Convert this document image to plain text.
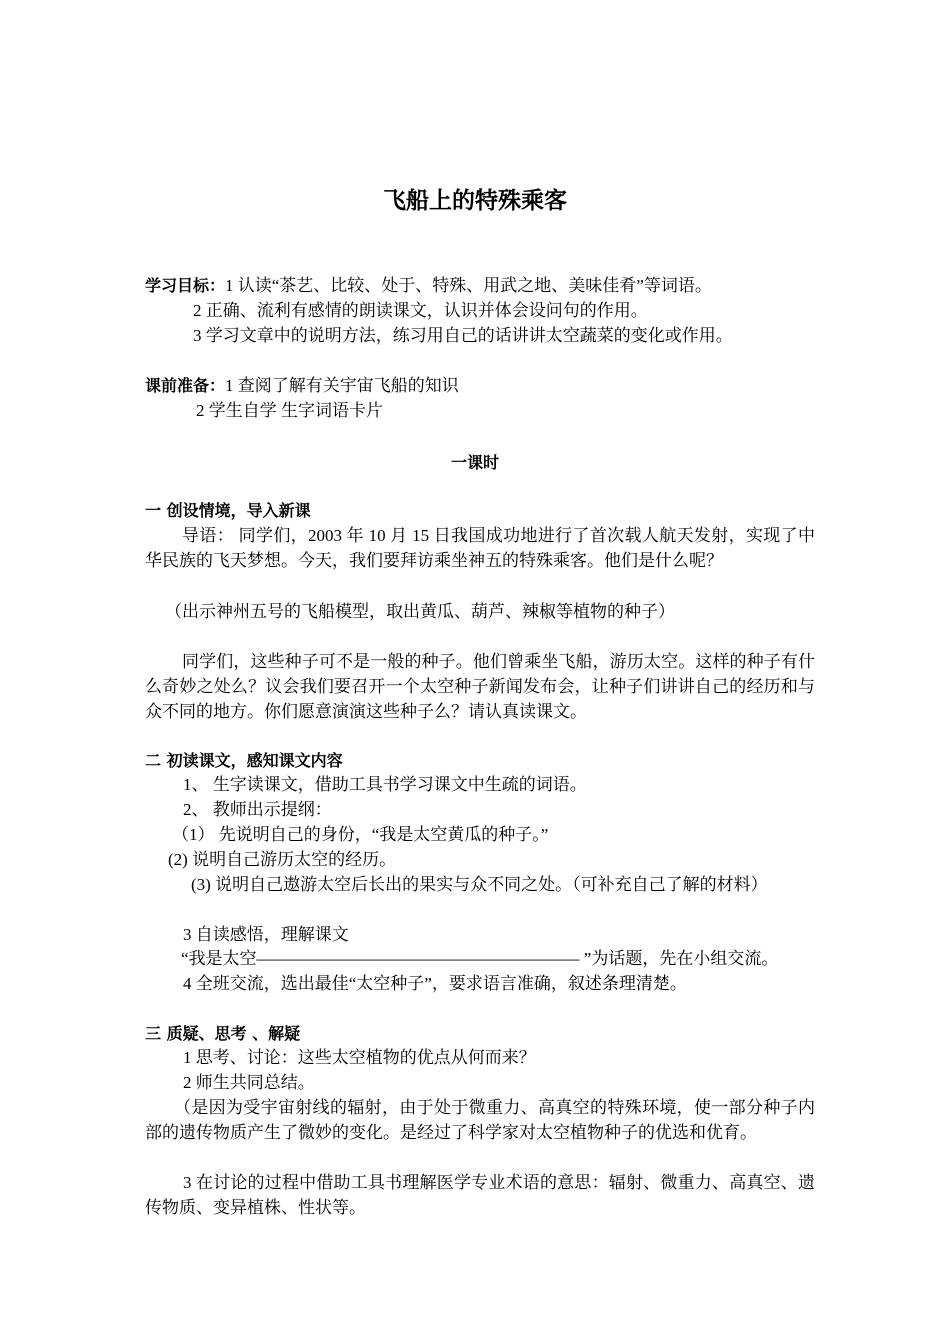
飞船上的特殊乘客

学习目标：1 认读“茶艺、比较、处于、特殊、用武之地、美味佳肴”等词语。

2 正确、流利有感情的朗读课文，认识并体会设问句的作用。

3 学习文章中的说明方法，练习用自己的话讲讲太空蔬菜的变化或作用。

课前准备：1 查阅了解有关宇宙飞船的知识

2 学生自学 生字词语卡片

一课时

一 创设情境，导入新课

导语： 同学们，2003 年 10 月 15 日我国成功地进行了首次载人航天发射，实现了中华民族的飞天梦想。今天，我们要拜访乘坐神五的特殊乘客。他们是什么呢？

（出示神州五号的飞船模型，取出黄瓜、葫芦、辣椒等植物的种子）

同学们，这些种子可不是一般的种子。他们曾乘坐飞船，游历太空。这样的种子有什么奇妙之处么？议会我们要召开一个太空种子新闻发布会，让种子们讲讲自己的经历和与众不同的地方。你们愿意演演这些种子么？请认真读课文。

二 初读课文，感知课文内容

1、 生字读课文，借助工具书学习课文中生疏的词语。

2、 教师出示提纲：

（1） 先说明自己的身份，“我是太空黄瓜的种子。”

(2) 说明自己游历太空的经历。

(3) 说明自己遨游太空后长出的果实与众不同之处。（可补充自己了解的材料）

3 自读感悟，理解课文

“我是太空——————————————————— ”为话题，先在小组交流。

4 全班交流，选出最佳“太空种子”，要求语言准确，叙述条理清楚。

三 质疑、思考 、解疑

1 思考、讨论：这些太空植物的优点从何而来？

2 师生共同总结。

（是因为受宇宙射线的辐射，由于处于微重力、高真空的特殊环境，使一部分种子内部的遗传物质产生了微妙的变化。是经过了科学家对太空植物种子的优选和优育。

3 在讨论的过程中借助工具书理解医学专业术语的意思：辐射、微重力、高真空、遗传物质、变异植株、性状等。
